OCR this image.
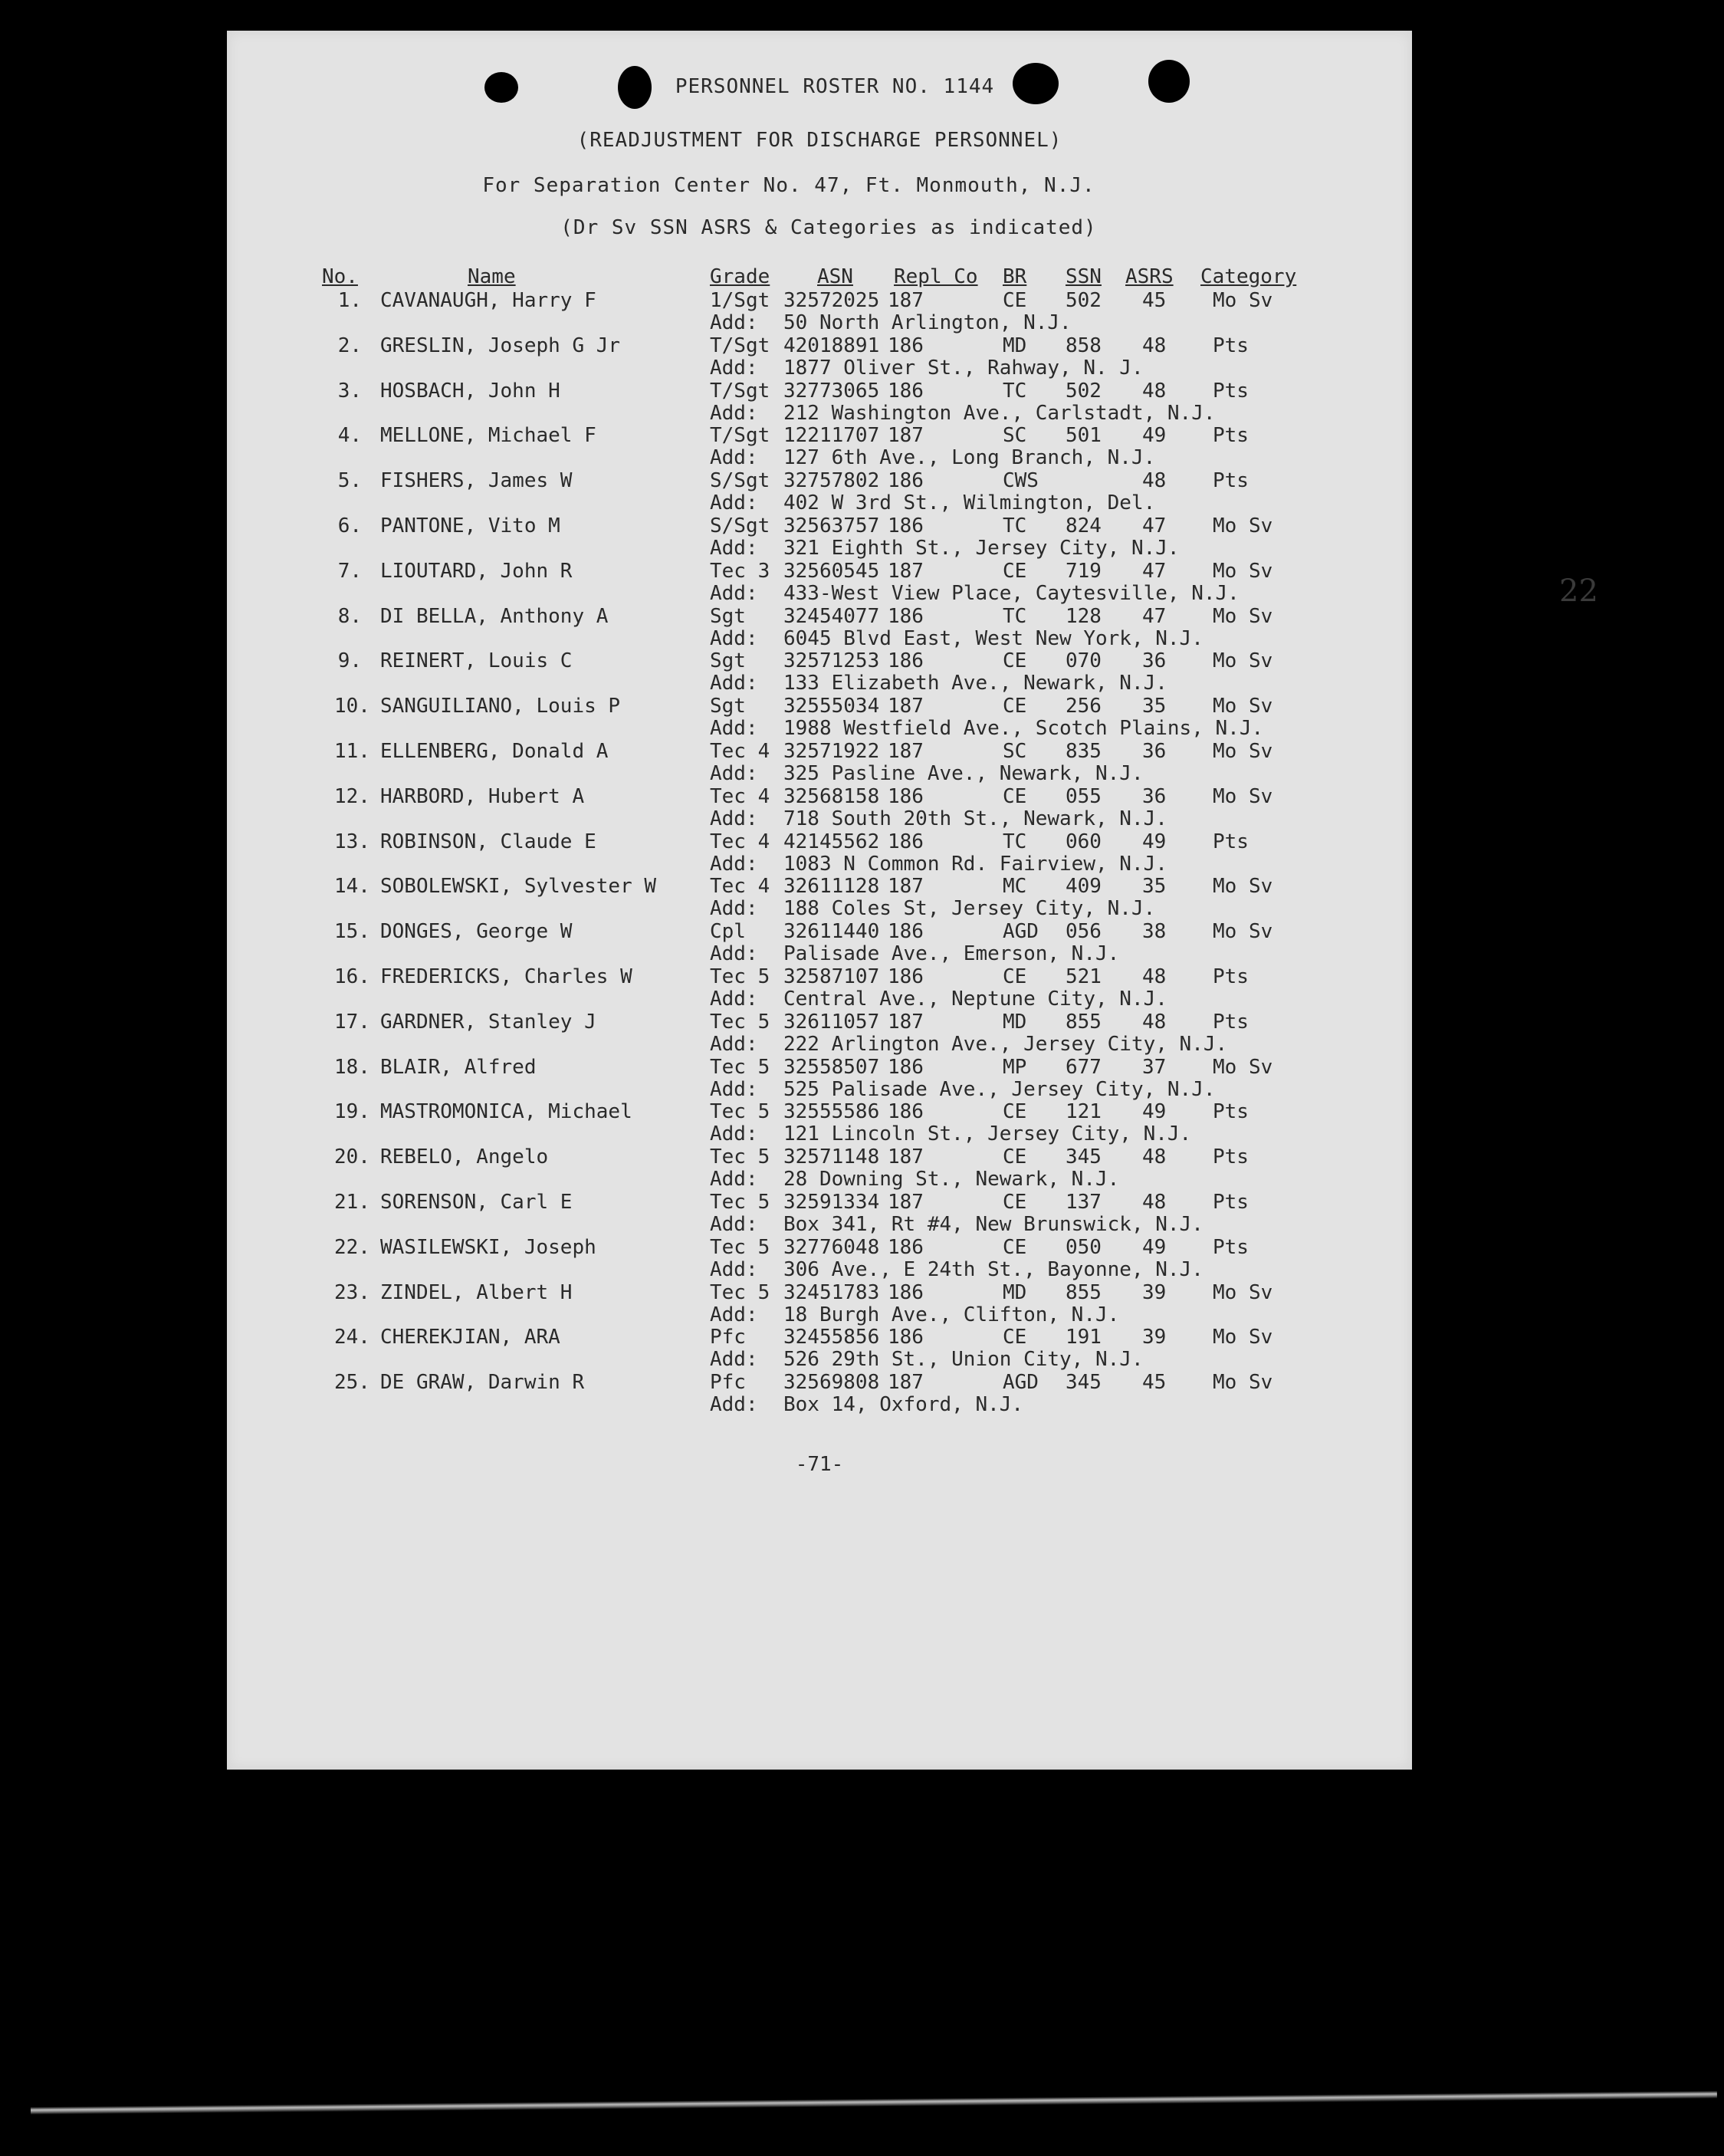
PERSONNEL ROSTER NO. 1144
(READJUSTMENT FOR DISCHARGE PERSONNEL)
For Separation Center No. 47, Ft. Monmouth, N.J.
(Dr Sv SSN ASRS & Categories as indicated)
No.	Name	Grade ASN Repl Co BR SSN ASRS Category
1. CAVANAUGH, Harry F	1/Sgt 32572025 187	CE 502 45 Mo Sv
Add: 50 North Arlington, N.J.
2. GRESLIN, Joseph G Jr	T/Sgt 42018891 186	MD 858 48 Pts
Add: 1877 Oliver St., Rahway, N. J.
3. HOSBACH, John H	T/Sgt 32773065 186	TC 502 48 Pts
Add: 212 Washington Ave., Carlstadt, N.J.
4. MELLONE, Michael F	T/Sgt 12211707 187	SC 501 49 Pts
Add: 127 6th Ave., Long Branch, N.J.
5. FISHERS, James W	S/Sgt 32757802 186	CWS	48 Pts
Add: 402 W 3rd St., Wilmington, Del.
6. PANTONE, Vito M	S/Sgt 32563757 186	TC 824 47 Mo Sv
Add: 321 Eighth St., Jersey City, N.J.
7. LIOUTARD, John R	Tec 3 32560545 187	CE 719 47 Mo Sv
Add: 433-West View Place, Caytesville, N.J.
8. DI BELLA, Anthony A	Sgt 32454077 186	TC 128 47 Mo Sv
Add: 6045 Blvd East, West New York, N.J.
9. REINERT, Louis C	Sgt 32571253 186	CE 070 36 Mo Sv
Add: 133 Elizabeth Ave., Newark, N.J.
10. SANGUILIANO, Louis P	Sgt 32555034 187	CE 256 35 Mo Sv
Add: 1988 Westfield Ave., Scotch Plains, N.J.
11. ELLENBERG, Donald A	Tec 4 32571922 187	SC 835 36 Mo Sv
Add: 325 Pasline Ave., Newark, N.J.
12. HARBORD, Hubert A	Tec 4 32568158 186	CE 055 36 Mo Sv
Add: 718 South 20th St., Newark, N.J.
13. ROBINSON, Claude E	Tec 4 42145562 186	TC 060 49 Pts
Add: 1083 N Common Rd. Fairview, N.J.
14. SOBOLEWSKI, Sylvester W	Tec 4 32611128 187	MC 409 35 Mo Sv
Add: 188 Coles St, Jersey City, N.J.
15. DONGES, George W	Cpl 32611440 186	AGD 056 38 Mo Sv
Add: Palisade Ave., Emerson, N.J.
16. FREDERICKS, Charles W	Tec 5 32587107 186	CE 521 48 Pts
Add: Central Ave., Neptune City, N.J.
17. GARDNER, Stanley J	Tec 5 32611057 187	MD 855 48 Pts
Add: 222 Arlington Ave., Jersey City, N.J.
18. BLAIR, Alfred	Tec 5 32558507 186	MP 677 37 Mo Sv
Add: 525 Palisade Ave., Jersey City, N.J.
19. MASTROMONICA, Michael	Tec 5 32555586 186	CE 121 49 Pts
Add: 121 Lincoln St., Jersey City, N.J.
20. REBELO, Angelo	Tec 5 32571148 187	CE 345 48 Pts
Add: 28 Downing St., Newark, N.J.
21. SORENSON, Carl E	Tec 5 32591334 187	CE 137 48 Pts
Add: Box 341, Rt #4, New Brunswick, N.J.
22. WASILEWSKI, Joseph	Tec 5 32776048 186	CE 050 49 Pts
Add: 306 Ave., E 24th St., Bayonne, N.J.
23. ZINDEL, Albert H	Tec 5 32451783 186	MD 855 39 Mo Sv
Add: 18 Burgh Ave., Clifton, N.J.
24. CHEREKJIAN, ARA	Pfc 32455856 186	CE 191 39 Mo Sv
Add: 526 29th St., Union City, N.J.
25. DE GRAW, Darwin R	Pfc 32569808 187	AGD 345 45 Mo Sv
Add: Box 14, Oxford, N.J.
22
-71-
